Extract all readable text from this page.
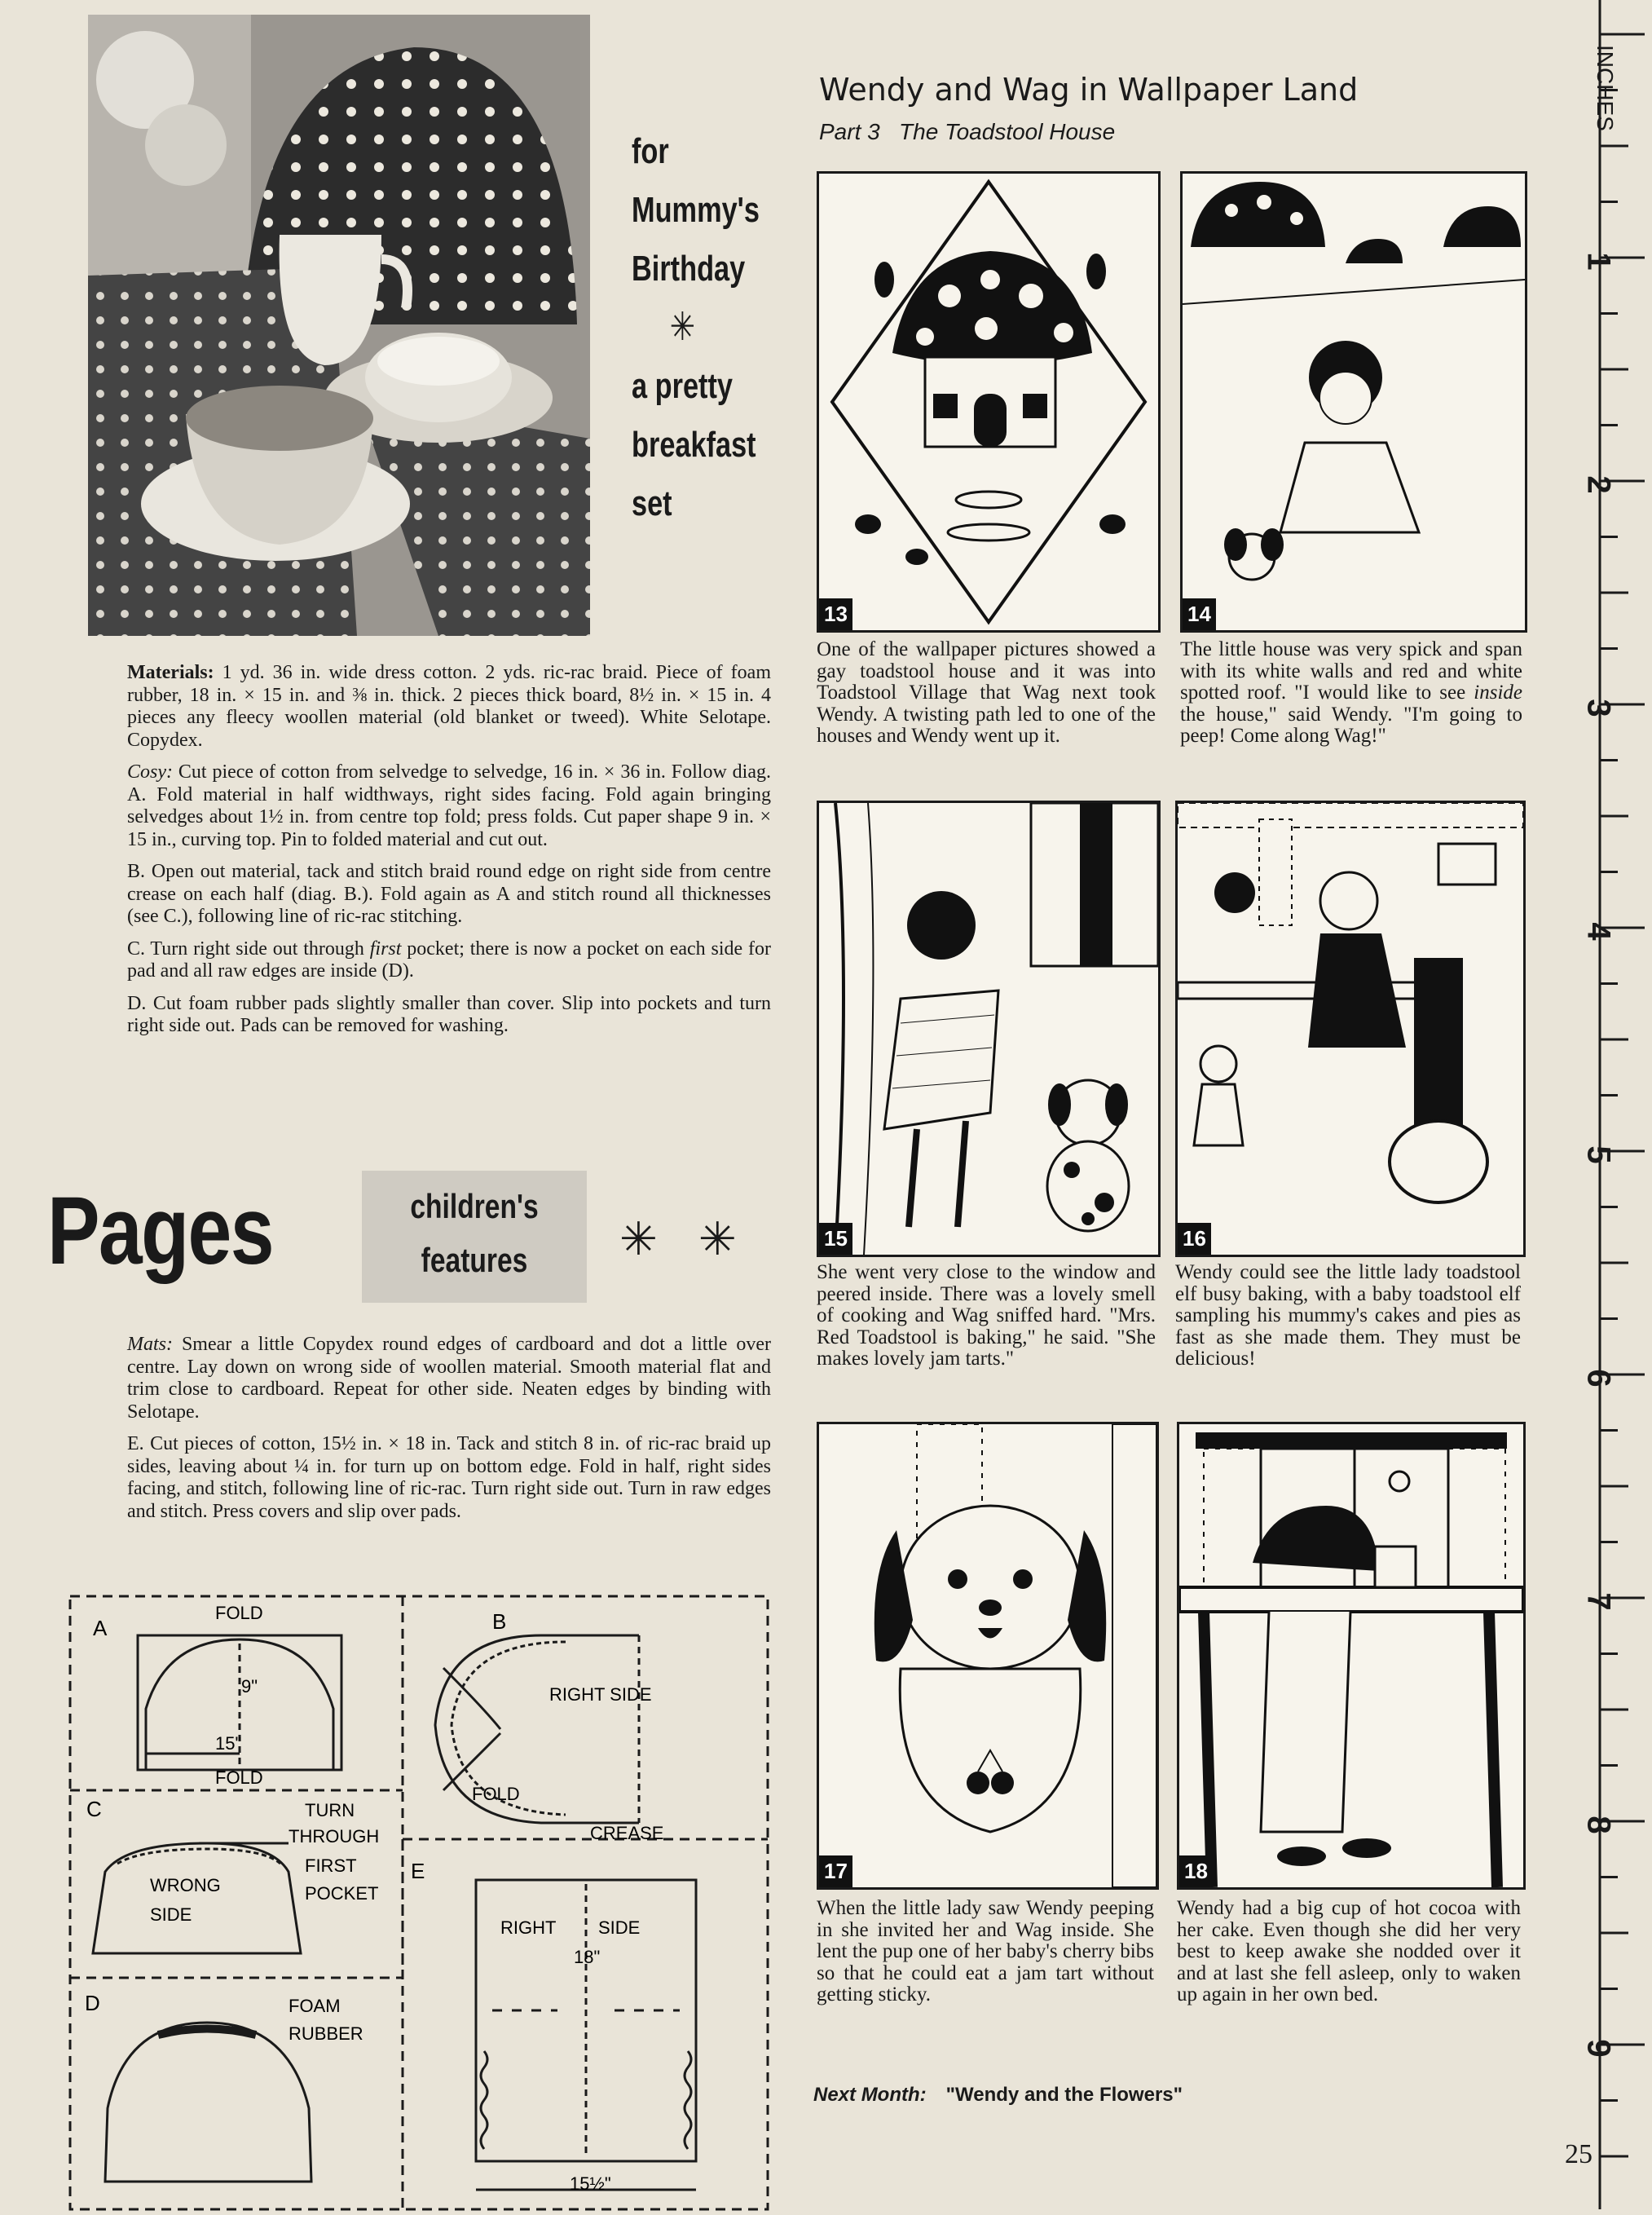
for
Mummy's
Birthday
✳
a pretty
breakfast
set

Materials: 1 yd. 36 in. wide dress cotton. 2 yds. ric-rac braid. Piece of foam rubber, 18 in. × 15 in. and ⅜ in. thick. 2 pieces thick board, 8½ in. × 15 in. 4 pieces any fleecy woollen material (old blanket or tweed). White Selotape. Copydex.

Cosy: Cut piece of cotton from selvedge to selvedge, 16 in. × 36 in. Follow diag. A. Fold material in half widthways, right sides facing. Fold again bringing selvedges about 1½ in. from centre top fold; press folds. Cut paper shape 9 in. × 15 in., curving top. Pin to folded material and cut out.

B. Open out material, tack and stitch braid round edge on right side from centre crease on each half (diag. B.). Fold again as A and stitch round all thicknesses (see C.), following line of ric-rac stitching.

C. Turn right side out through first pocket; there is now a pocket on each side for pad and all raw edges are inside (D).

D. Cut foam rubber pads slightly smaller than cover. Slip into pockets and turn right side out. Pads can be removed for washing.

Pages	children's
features	✳✳

Mats: Smear a little Copydex round edges of cardboard and dot a little over centre. Lay down on wrong side of woollen material. Smooth material flat and trim close to cardboard. Repeat for other side. Neaten edges by binding with Selotape.

E. Cut pieces of cotton, 15½ in. × 18 in. Tack and stitch 8 in. of ric-rac braid up sides, leaving about ¼ in. for turn up on bottom edge. Fold in half, right sides facing, and stitch, following line of ric-rac. Turn right side out. Turn in raw edges and stitch. Press covers and slip over pads.

A
FOLD
9"
15"
FOLD
B
RIGHT SIDE
FOLD
CREASE
C	TURN
THROUGH
FIRST
POCKET
WRONG
SIDE
D	FOAM
RUBBER
E
RIGHT SIDE
18"
15½"
Wendy and Wag in Wallpaper Land
Part 3 The Toadstool House
13
One of the wallpaper pictures showed a gay toadstool house and it was into Toadstool Village that Wag next took Wendy. A twisting path led to one of the houses and Wendy went up it.
14
The little house was very spick and span with its white walls and red and white spotted roof. "I would like to see inside the house," said Wendy. "I'm going to peep! Come along Wag!"
15
She went very close to the window and peered inside. There was a lovely smell of cooking and Wag sniffed hard. "Mrs. Red Toadstool is baking," he said. "She makes lovely jam tarts."
16
Wendy could see the little lady toadstool elf busy baking, with a baby toadstool elf sampling his mummy's cakes and pies as fast as she made them. They must be delicious!
17
When the little lady saw Wendy peeping in she invited her and Wag inside. She lent the pup one of her baby's cherry bibs so that he could eat a jam tart without getting sticky.
18
Wendy had a big cup of hot cocoa with her cake. Even though she did her very best to keep awake she nodded over it and at last she fell asleep, only to waken up again in her own bed.
Next Month: "Wendy and the Flowers"
25
INCHES
1
2
3
4
5
6
7
8
9
